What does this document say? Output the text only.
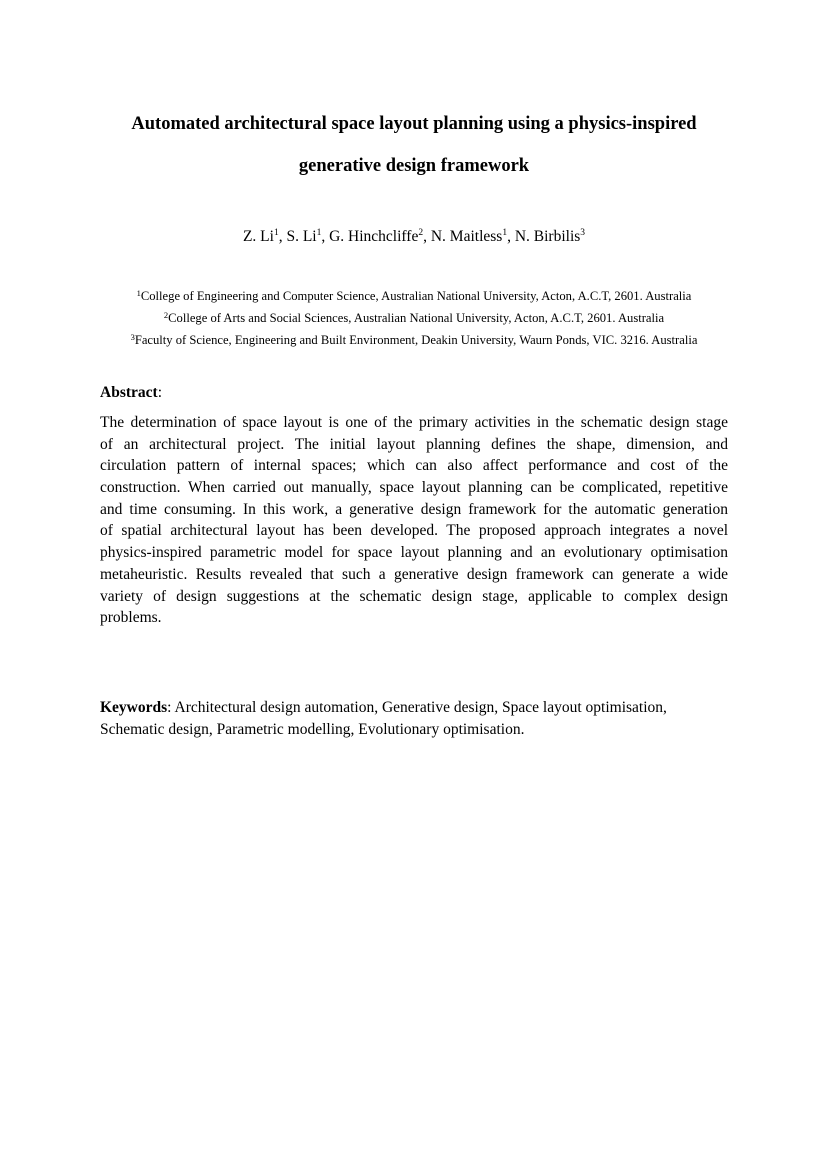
Automated architectural space layout planning using a physics-inspired
generative design framework
Z. Li$^1$, S. Li$^1$, G. Hinchcliffe$^2$, N. Maitless$^1$, N. Birbilis$^3$
$^1$College of Engineering and Computer Science, Australian National University, Acton, A.C.T, 2601. Australia
$^2$College of Arts and Social Sciences, Australian National University, Acton, A.C.T, 2601. Australia
$^3$Faculty of Science, Engineering and Built Environment, Deakin University, Waurn Ponds, VIC. 3216. Australia
Abstract:
The determination of space layout is one of the primary activities in the schematic design stage
of an architectural project. The initial layout planning defines the shape, dimension, and
circulation pattern of internal spaces; which can also affect performance and cost of the
construction. When carried out manually, space layout planning can be complicated, repetitive
and time consuming. In this work, a generative design framework for the automatic generation
of spatial architectural layout has been developed. The proposed approach integrates a novel
physics-inspired parametric model for space layout planning and an evolutionary optimisation
metaheuristic. Results revealed that such a generative design framework can generate a wide
variety of design suggestions at the schematic design stage, applicable to complex design
problems.
Keywords: Architectural design automation, Generative design, Space layout optimisation,
Schematic design, Parametric modelling, Evolutionary optimisation.
